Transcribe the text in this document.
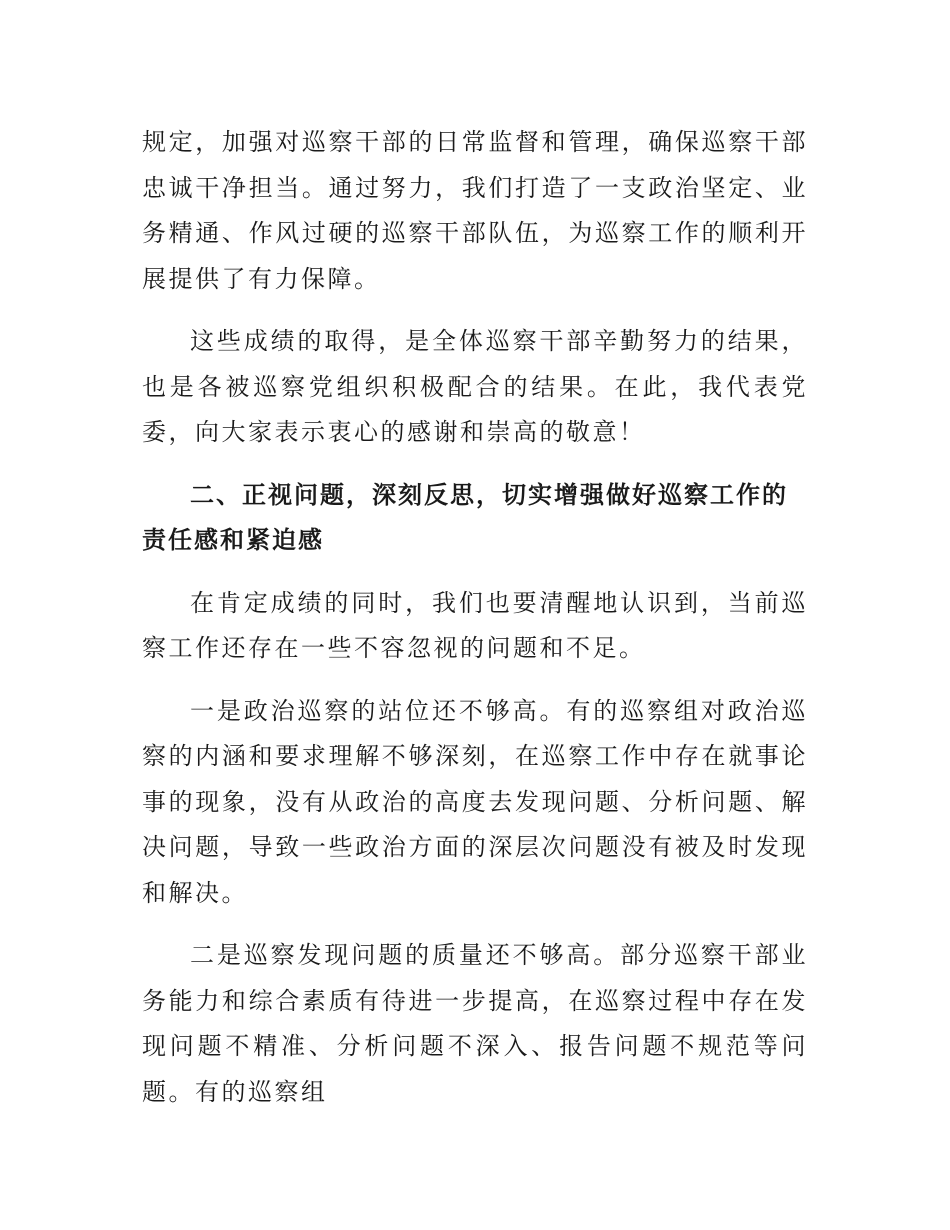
规定，加强对巡察干部的日常监督和管理，确保巡察干部忠诚干净担当。通过努力，我们打造了一支政治坚定、业务精通、作风过硬的巡察干部队伍，为巡察工作的顺利开展提供了有力保障。

这些成绩的取得，是全体巡察干部辛勤努力的结果，也是各被巡察党组织积极配合的结果。在此，我代表党委，向大家表示衷心的感谢和崇高的敬意！

二、正视问题，深刻反思，切实增强做好巡察工作的责任感和紧迫感

在肯定成绩的同时，我们也要清醒地认识到，当前巡察工作还存在一些不容忽视的问题和不足。

一是政治巡察的站位还不够高。有的巡察组对政治巡察的内涵和要求理解不够深刻，在巡察工作中存在就事论事的现象，没有从政治的高度去发现问题、分析问题、解决问题，导致一些政治方面的深层次问题没有被及时发现和解决。

二是巡察发现问题的质量还不够高。部分巡察干部业务能力和综合素质有待进一步提高，在巡察过程中存在发现问题不精准、分析问题不深入、报告问题不规范等问题。有的巡察组
